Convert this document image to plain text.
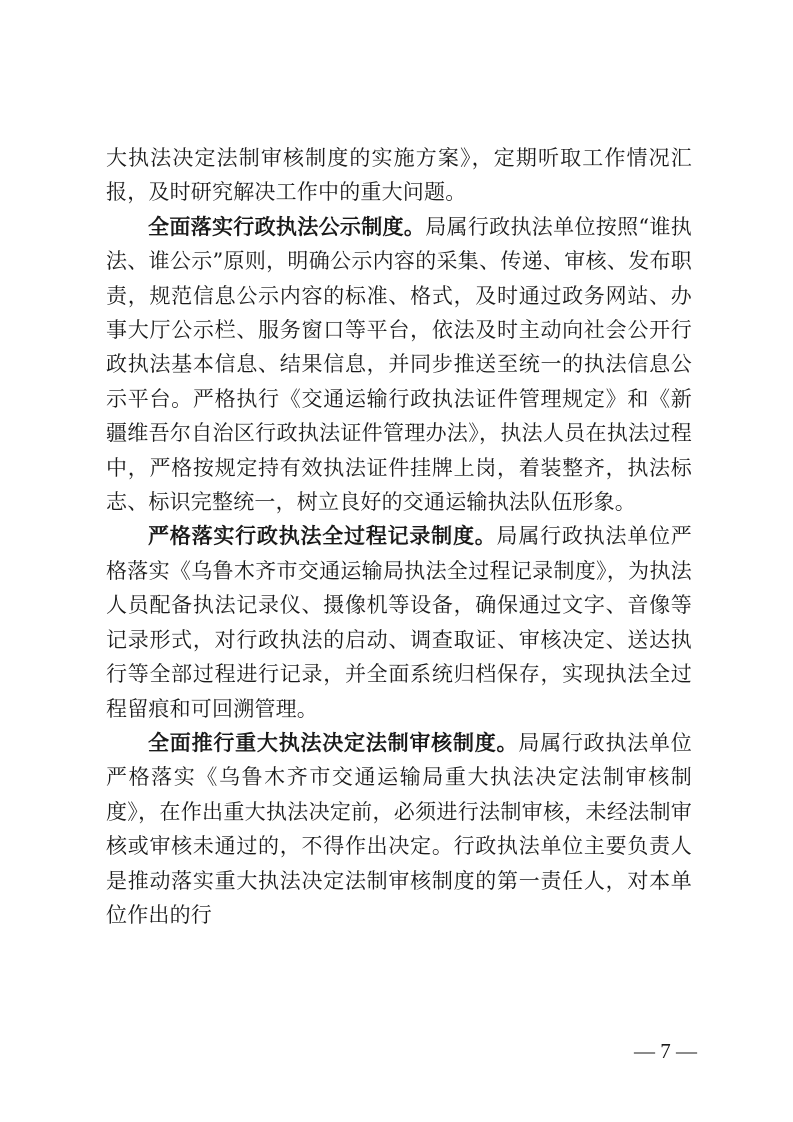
大执法决定法制审核制度的实施方案》，定期听取工作情况汇报，及时研究解决工作中的重大问题。

全面落实行政执法公示制度。局属行政执法单位按照“谁执法、谁公示”原则，明确公示内容的采集、传递、审核、发布职责，规范信息公示内容的标准、格式，及时通过政务网站、办事大厅公示栏、服务窗口等平台，依法及时主动向社会公开行政执法基本信息、结果信息，并同步推送至统一的执法信息公示平台。严格执行《交通运输行政执法证件管理规定》和《新疆维吾尔自治区行政执法证件管理办法》，执法人员在执法过程中，严格按规定持有效执法证件挂牌上岗，着装整齐，执法标志、标识完整统一，树立良好的交通运输执法队伍形象。

严格落实行政执法全过程记录制度。局属行政执法单位严格落实《乌鲁木齐市交通运输局执法全过程记录制度》，为执法人员配备执法记录仪、摄像机等设备，确保通过文字、音像等记录形式，对行政执法的启动、调查取证、审核决定、送达执行等全部过程进行记录，并全面系统归档保存，实现执法全过程留痕和可回溯管理。

全面推行重大执法决定法制审核制度。局属行政执法单位严格落实《乌鲁木齐市交通运输局重大执法决定法制审核制度》，在作出重大执法决定前，必须进行法制审核，未经法制审核或审核未通过的，不得作出决定。行政执法单位主要负责人是推动落实重大执法决定法制审核制度的第一责任人，对本单位作出的行

— 7 —
